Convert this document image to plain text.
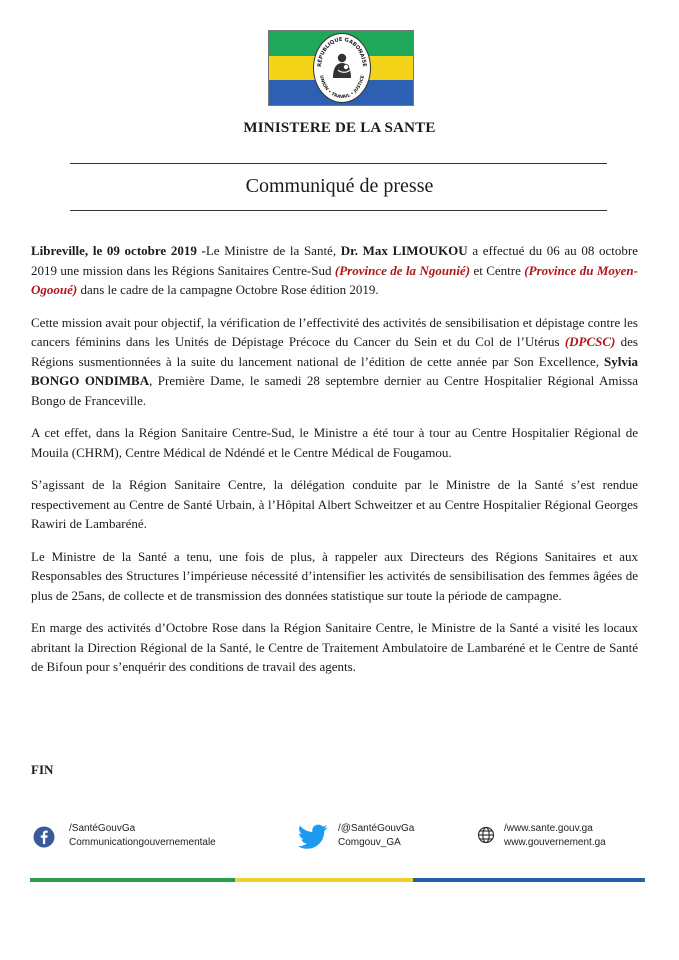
RÉPUBLIQUE GABONAISE
UNION • TRAVAIL • JUSTICE
MINISTERE DE LA SANTE
Communiqué de presse

Libreville, le 09 octobre 2019 -Le Ministre de la Santé, Dr. Max LIMOUKOU a effectué du 06 au 08 octobre 2019 une mission dans les Régions Sanitaires Centre-Sud (Province de la Ngounié) et Centre (Province du Moyen-Ogooué) dans le cadre de la campagne Octobre Rose édition 2019.

Cette mission avait pour objectif, la vérification de l’effectivité des activités de sensibilisation et dépistage contre les cancers féminins dans les Unités de Dépistage Précoce du Cancer du Sein et du Col de l’Utérus (DPCSC) des Régions susmentionnées à la suite du lancement national de l’édition de cette année par Son Excellence, Sylvia BONGO ONDIMBA, Première Dame, le samedi 28 septembre dernier au Centre Hospitalier Régional Amissa Bongo de Franceville.

A cet effet, dans la Région Sanitaire Centre-Sud, le Ministre a été tour à tour au Centre Hospitalier Régional de Mouila (CHRM), Centre Médical de Ndéndé et le Centre Médical de Fougamou.

S’agissant de la Région Sanitaire Centre, la délégation conduite par le Ministre de la Santé s’est rendue respectivement au Centre de Santé Urbain, à l’Hôpital Albert Schweitzer et au Centre Hospitalier Régional Georges Rawiri de Lambaréné.

Le Ministre de la Santé a tenu, une fois de plus, à rappeler aux Directeurs des Régions Sanitaires et aux Responsables des Structures l’impérieuse nécessité d’intensifier les activités de sensibilisation des femmes âgées de plus de 25ans, de collecte et de transmission des données statistique sur toute la période de campagne.

En marge des activités d’Octobre Rose dans la Région Sanitaire Centre, le Ministre de la Santé a visité les locaux abritant la Direction Régional de la Santé, le Centre de Traitement Ambulatoire de Lambaréné et le Centre de Santé de Bifoun pour s’enquérir des conditions de travail des agents.

FIN
/SantéGouvGa
Communicationgouvernementale
/@SantéGouvGa
Comgouv_GA
/www.sante.gouv.ga
www.gouvernement.ga
